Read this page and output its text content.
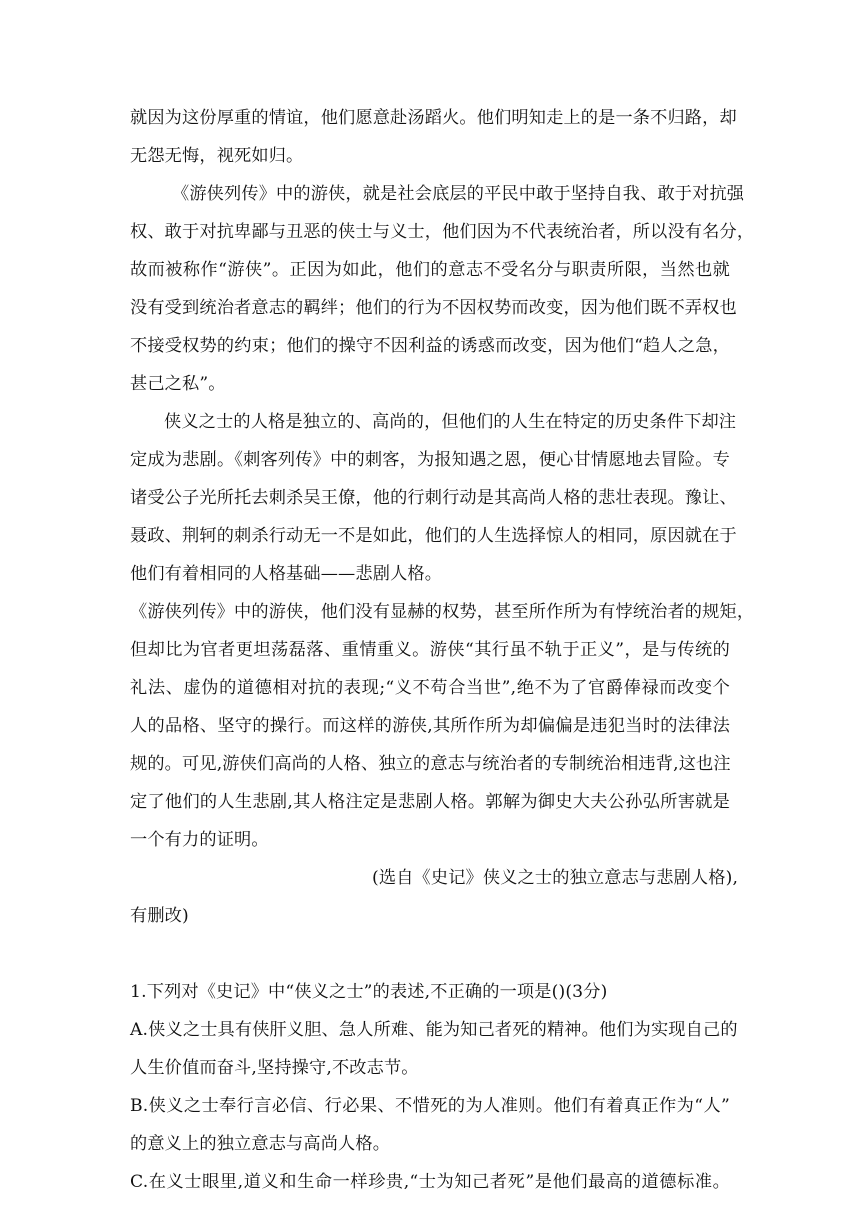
就因为这份厚重的情谊，他们愿意赴汤蹈火。他们明知走上的是一条不归路，却
无怨无悔，视死如归。
《游侠列传》中的游侠，就是社会底层的平民中敢于坚持自我、敢于对抗强
权、敢于对抗卑鄙与丑恶的侠士与义士，他们因为不代表统治者，所以没有名分，
故而被称作“游侠”。正因为如此，他们的意志不受名分与职责所限，当然也就
没有受到统治者意志的羁绊；他们的行为不因权势而改变，因为他们既不弄权也
不接受权势的约束；他们的操守不因利益的诱惑而改变，因为他们“趋人之急，
甚己之私”。
侠义之士的人格是独立的、高尚的，但他们的人生在特定的历史条件下却注
定成为悲剧。《刺客列传》中的刺客，为报知遇之恩，便心甘情愿地去冒险。专
诸受公子光所托去刺杀吴王僚，他的行刺行动是其高尚人格的悲壮表现。豫让、
聂政、荆轲的刺杀行动无一不是如此，他们的人生选择惊人的相同，原因就在于
他们有着相同的人格基础——悲剧人格。
《游侠列传》中的游侠，他们没有显赫的权势，甚至所作所为有悖统治者的规矩，
但却比为官者更坦荡磊落、重情重义。游侠“其行虽不轨于正义”，是与传统的
礼法、虚伪的道德相对抗的表现;“义不苟合当世”,绝不为了官爵俸禄而改变个
人的品格、坚守的操行。而这样的游侠,其所作所为却偏偏是违犯当时的法律法
规的。可见,游侠们高尚的人格、独立的意志与统治者的专制统治相违背,这也注
定了他们的人生悲剧,其人格注定是悲剧人格。郭解为御史大夫公孙弘所害就是
一个有力的证明。
(选自《史记》侠义之士的独立意志与悲剧人格),
有删改)
1.下列对《史记》中“侠义之士”的表述,不正确的一项是()(3分)
A.侠义之士具有侠肝义胆、急人所难、能为知己者死的精神。他们为实现自己的
人生价值而奋斗,坚持操守,不改志节。
B.侠义之士奉行言必信、行必果、不惜死的为人准则。他们有着真正作为“人”
的意义上的独立意志与高尚人格。
C.在义士眼里,道义和生命一样珍贵,“士为知己者死”是他们最高的道德标准。
